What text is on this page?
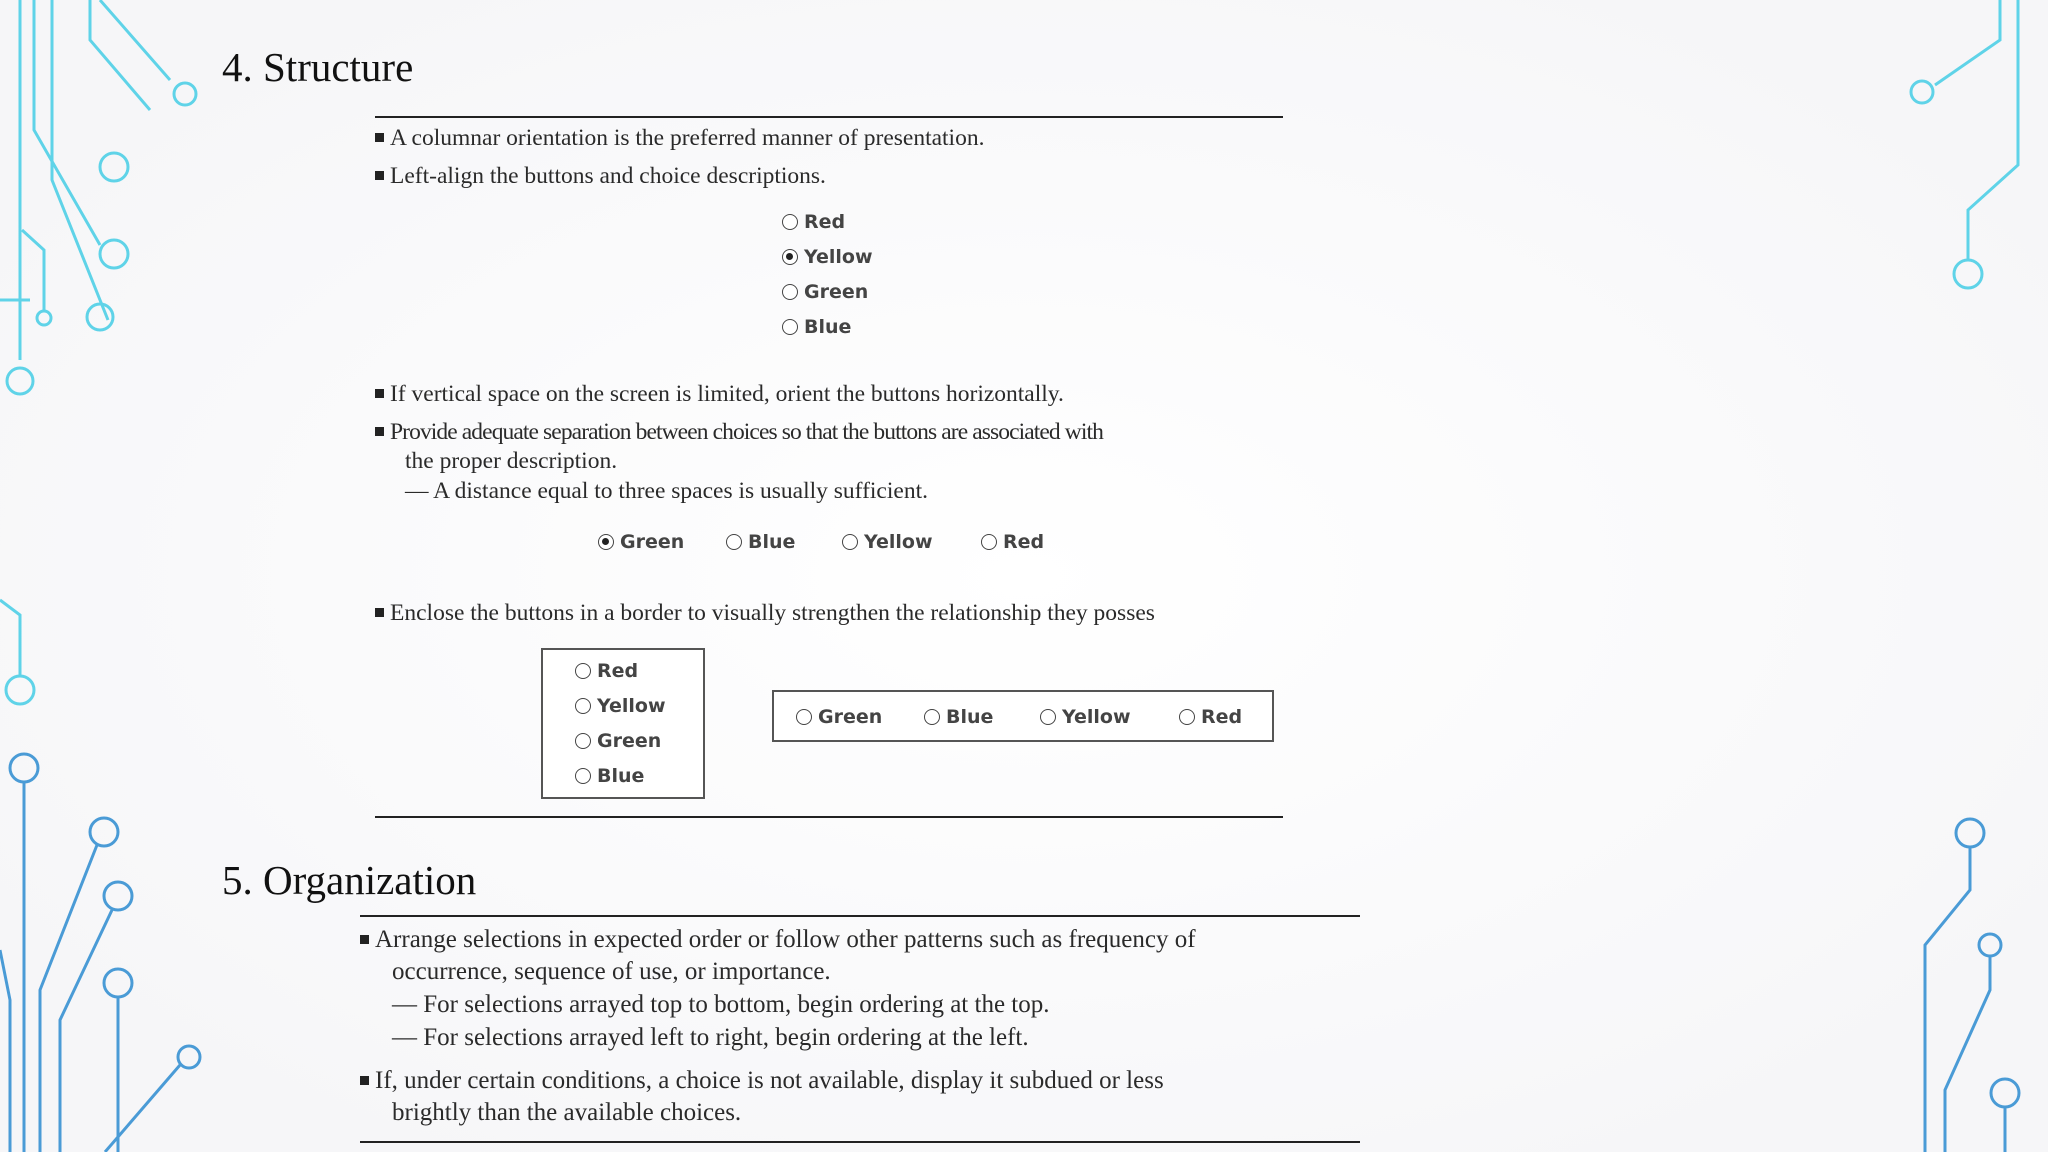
4. Structure
A columnar orientation is the preferred manner of presentation.
Left-align the buttons and choice descriptions.
Red
Yellow
Green
Blue
If vertical space on the screen is limited, orient the buttons horizontally.
Provide adequate separation between choices so that the buttons are associated with
the proper description.
— A distance equal to three spaces is usually sufficient.
Green	Blue	Yellow	Red
Enclose the buttons in a border to visually strengthen the relationship they posses
Red
Yellow
Green
Blue
Green	Blue	Yellow	Red
5. Organization
Arrange selections in expected order or follow other patterns such as frequency of
occurrence, sequence of use, or importance.
— For selections arrayed top to bottom, begin ordering at the top.
— For selections arrayed left to right, begin ordering at the left.
If, under certain conditions, a choice is not available, display it subdued or less
brightly than the available choices.
